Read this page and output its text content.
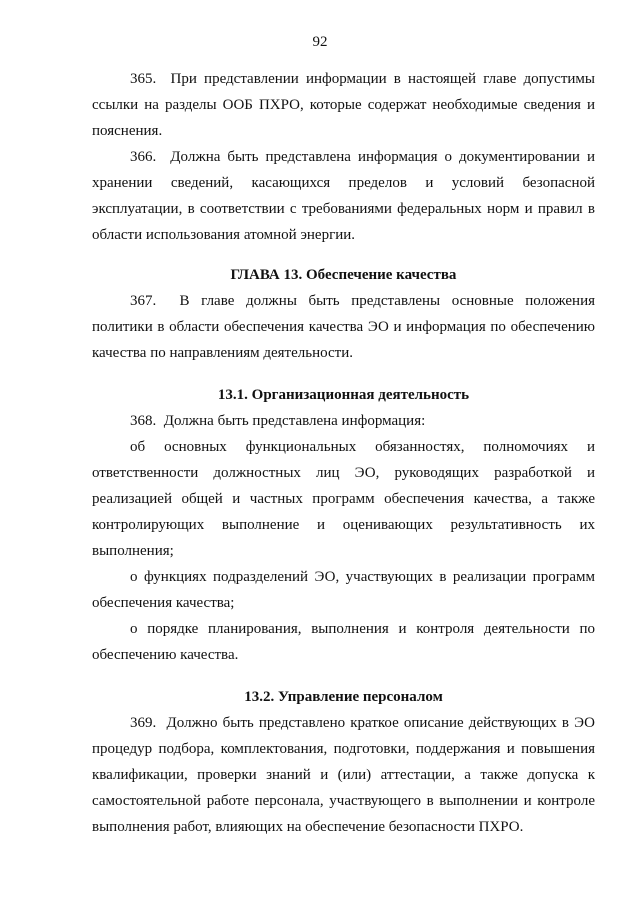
92

365.  При представлении информации в настоящей главе допустимы ссылки на разделы ООБ ПХРО, которые содержат необходимые сведения и пояснения.

366.  Должна быть представлена информация о документировании и хранении сведений, касающихся пределов и условий безопасной эксплуатации, в соответствии с требованиями федеральных норм и правил в области использования атомной энергии.

ГЛАВА 13. Обеспечение качества

367.  В главе должны быть представлены основные положения политики в области обеспечения качества ЭО и информация по обеспечению качества по направлениям деятельности.

13.1. Организационная деятельность

368.  Должна быть представлена информация:

об основных функциональных обязанностях, полномочиях и ответственности должностных лиц ЭО, руководящих разработкой и реализацией общей и частных программ обеспечения качества, а также контролирующих выполнение и оценивающих результативность их выполнения;

о функциях подразделений ЭО, участвующих в реализации программ обеспечения качества;

о порядке планирования, выполнения и контроля деятельности по обеспечению качества.

13.2. Управление персоналом

369.  Должно быть представлено краткое описание действующих в ЭО процедур подбора, комплектования, подготовки, поддержания и повышения квалификации, проверки знаний и (или) аттестации, а также допуска к самостоятельной работе персонала, участвующего в выполнении и контроле выполнения работ, влияющих на обеспечение безопасности ПХРО.
